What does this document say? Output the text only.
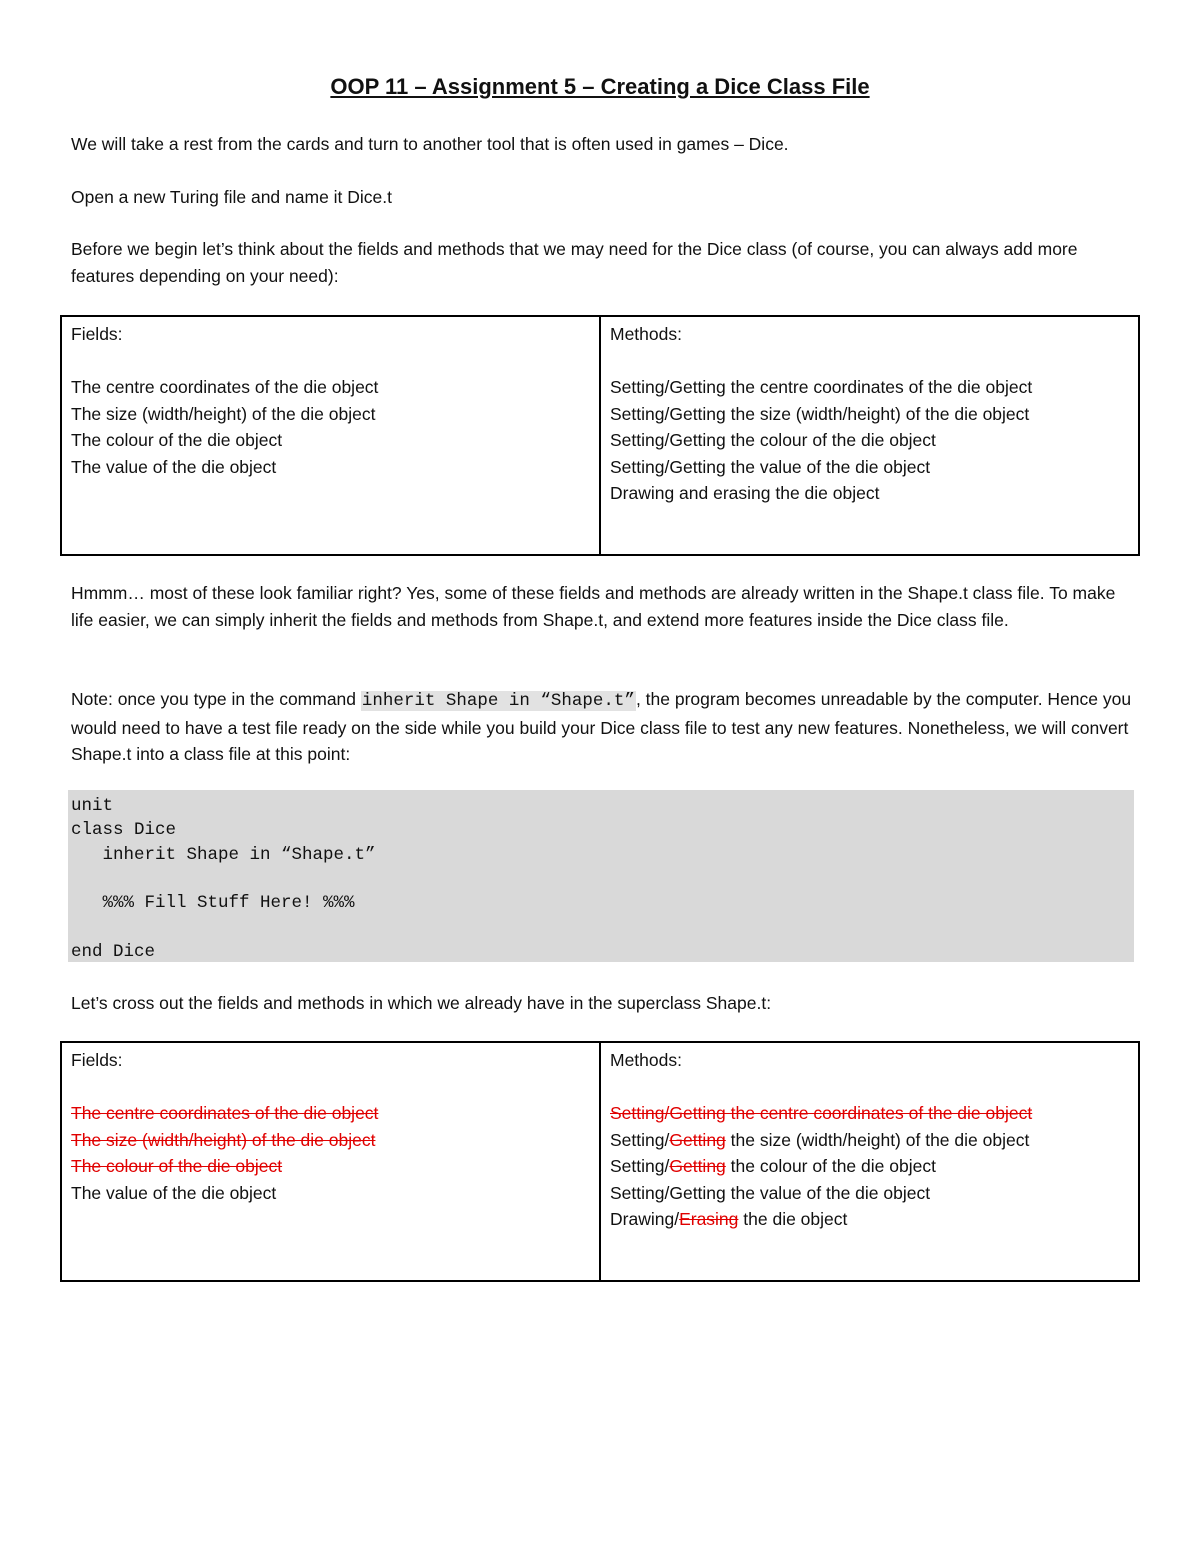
OOP 11 – Assignment 5 – Creating a Dice Class File

We will take a rest from the cards and turn to another tool that is often used in games – Dice.

Open a new Turing file and name it Dice.t

Before we begin let’s think about the fields and methods that we may need for the Dice class (of course, you can always add more features depending on your need):

Fields:
The centre coordinates of the die object
The size (width/height) of the die object
The colour of the die object
The value of the die object

Methods:
Setting/Getting the centre coordinates of the die object
Setting/Getting the size (width/height) of the die object
Setting/Getting the colour of the die object
Setting/Getting the value of the die object
Drawing and erasing the die object

Hmmm… most of these look familiar right? Yes, some of these fields and methods are already written in the Shape.t class file. To make life easier, we can simply inherit the fields and methods from Shape.t, and extend more features inside the Dice class file.

Note: once you type in the command inherit Shape in “Shape.t”, the program becomes unreadable by the computer. Hence you would need to have a test file ready on the side while you build your Dice class file to test any new features. Nonetheless, we will convert Shape.t into a class file at this point:

unit
class Dice
inherit Shape in “Shape.t”

%%% Fill Stuff Here! %%%

end Dice

Let’s cross out the fields and methods in which we already have in the superclass Shape.t:

Fields:
The centre coordinates of the die object
The size (width/height) of the die object
The colour of the die object
The value of the die object

Methods:
Setting/Getting the centre coordinates of the die object
Setting/Getting the size (width/height) of the die object
Setting/Getting the colour of the die object
Setting/Getting the value of the die object
Drawing/Erasing the die object
